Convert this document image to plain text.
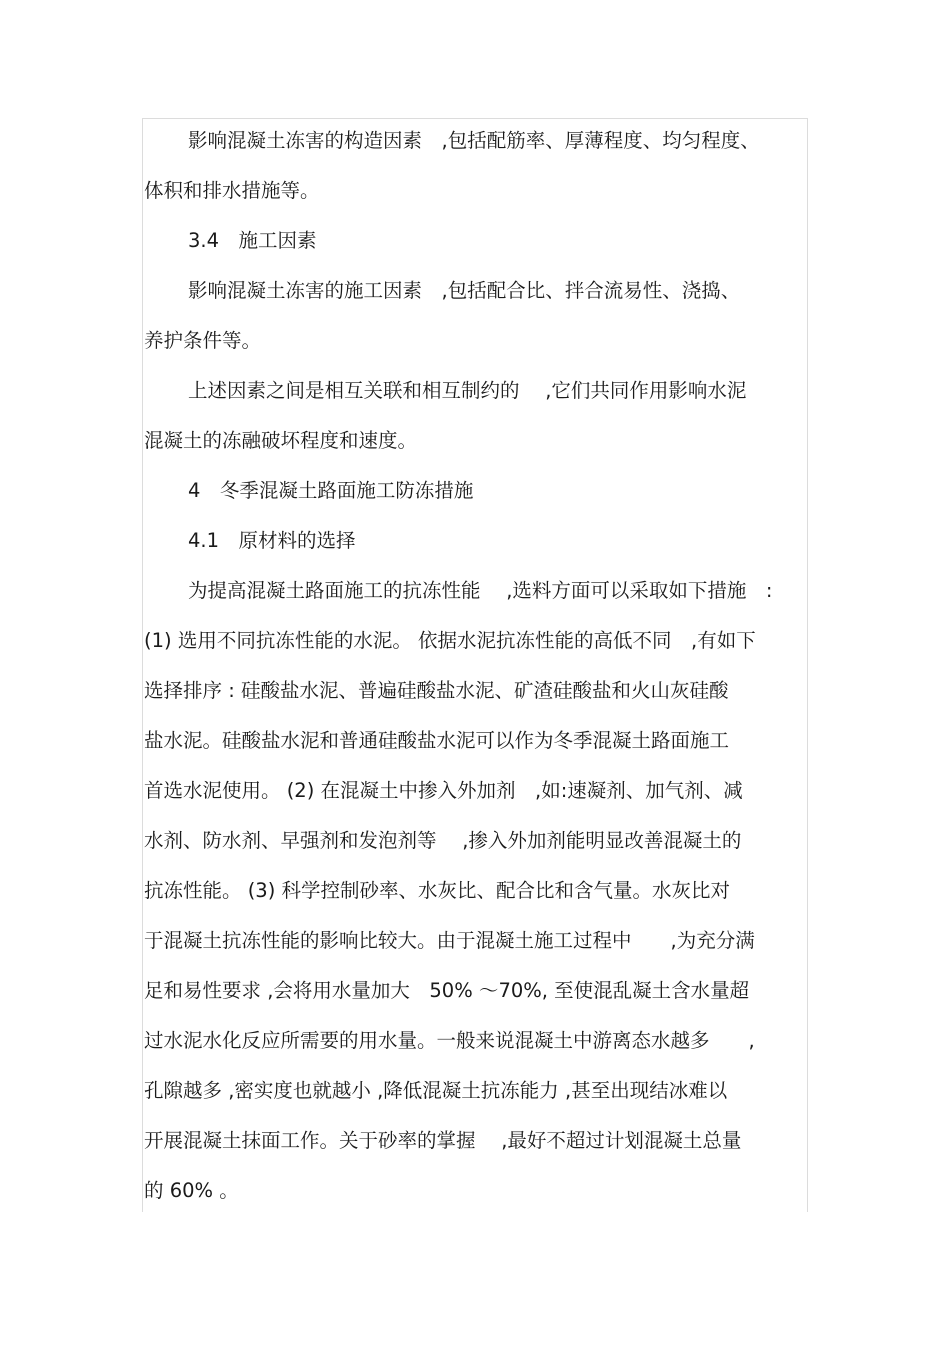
影响混凝土冻害的构造因素　,包括配筋率、厚薄程度、均匀程度、
体积和排水措施等。
3.4　施工因素
影响混凝土冻害的施工因素　,包括配合比、拌合流易性、浇捣、
养护条件等。
上述因素之间是相互关联和相互制约的　 ,它们共同作用影响水泥
混凝土的冻融破坏程度和速度。
4　冬季混凝土路面施工防冻措施
4.1　原材料的选择
为提高混凝土路面施工的抗冻性能　 ,选料方面可以采取如下措施　:
(1) 选用不同抗冻性能的水泥。 依据水泥抗冻性能的高低不同　,有如下
选择排序 : 硅酸盐水泥、普遍硅酸盐水泥、矿渣硅酸盐和火山灰硅酸
盐水泥。硅酸盐水泥和普通硅酸盐水泥可以作为冬季混凝土路面施工
首选水泥使用。 (2) 在混凝土中掺入外加剂　,如:速凝剂、加气剂、减
水剂、防水剂、早强剂和发泡剂等　 ,掺入外加剂能明显改善混凝土的
抗冻性能。 (3) 科学控制砂率、水灰比、配合比和含气量。水灰比对
于混凝土抗冻性能的影响比较大。由于混凝土施工过程中　　,为充分满
足和易性要求 ,会将用水量加大　50% ～70%, 至使混乱凝土含水量超
过水泥水化反应所需要的用水量。一般来说混凝土中游离态水越多　　,
孔隙越多 ,密实度也就越小 ,降低混凝土抗冻能力 ,甚至出现结冰难以
开展混凝土抹面工作。关于砂率的掌握　 ,最好不超过计划混凝土总量
的 60% 。
